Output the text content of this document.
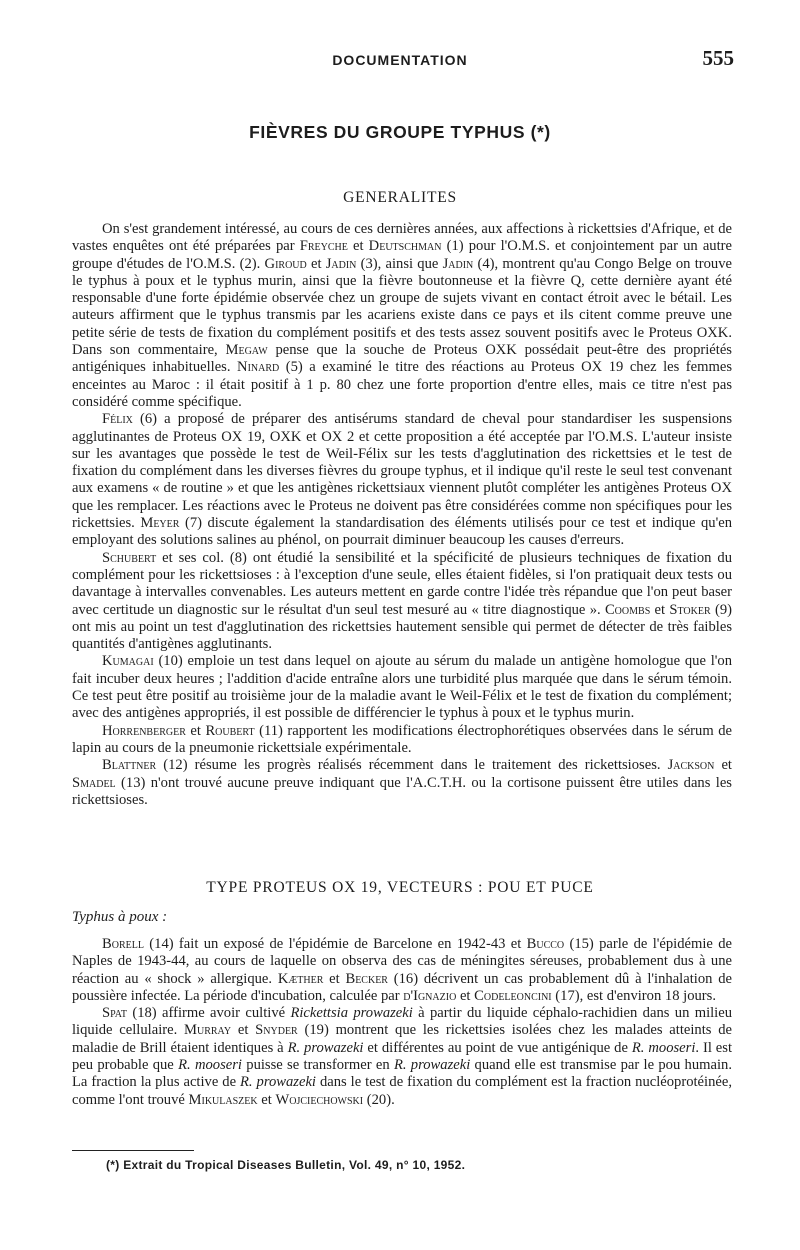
DOCUMENTATION	555
FIÈVRES DU GROUPE TYPHUS (*)
GENERALITES

On s'est grandement intéressé, au cours de ces dernières années, aux affections à rickettsies d'Afrique, et de vastes enquêtes ont été préparées par Freyche et Deutschman (1) pour l'O.M.S. et conjointement par un autre groupe d'études de l'O.M.S. (2). Giroud et Jadin (3), ainsi que Jadin (4), montrent qu'au Congo Belge on trouve le typhus à poux et le typhus murin, ainsi que la fièvre boutonneuse et la fièvre Q, cette dernière ayant été responsable d'une forte épidémie observée chez un groupe de sujets vivant en contact étroit avec le bétail. Les auteurs affirment que le typhus transmis par les acariens existe dans ce pays et ils citent comme preuve une petite série de tests de fixation du complément positifs et des tests assez souvent positifs avec le Proteus OXK. Dans son commentaire, Megaw pense que la souche de Proteus OXK possédait peut-être des propriétés antigéniques inhabituelles. Ninard (5) a examiné le titre des réactions au Proteus OX 19 chez les femmes enceintes au Maroc : il était positif à 1 p. 80 chez une forte proportion d'entre elles, mais ce titre n'est pas considéré comme spécifique.

Félix (6) a proposé de préparer des antisérums standard de cheval pour standardiser les suspensions agglutinantes de Proteus OX 19, OXK et OX 2 et cette proposition a été acceptée par l'O.M.S. L'auteur insiste sur les avantages que possède le test de Weil-Félix sur les tests d'agglutination des rickettsies et le test de fixation du complément dans les diverses fièvres du groupe typhus, et il indique qu'il reste le seul test convenant aux examens « de routine » et que les antigènes rickettsiaux viennent plutôt compléter les antigènes Proteus OX que les remplacer. Les réactions avec le Proteus ne doivent pas être considérées comme non spécifiques pour les rickettsies. Meyer (7) discute également la standardisation des éléments utilisés pour ce test et indique qu'en employant des solutions salines au phénol, on pourrait diminuer beaucoup les causes d'erreurs.

Schubert et ses col. (8) ont étudié la sensibilité et la spécificité de plusieurs techniques de fixation du complément pour les rickettsioses : à l'exception d'une seule, elles étaient fidèles, si l'on pratiquait deux tests ou davantage à intervalles convenables. Les auteurs mettent en garde contre l'idée très répandue que l'on peut baser avec certitude un diagnostic sur le résultat d'un seul test mesuré au « titre diagnostique ». Coombs et Stoker (9) ont mis au point un test d'agglutination des rickettsies hautement sensible qui permet de détecter de très faibles quantités d'antigènes agglutinants.

Kumagai (10) emploie un test dans lequel on ajoute au sérum du malade un antigène homologue que l'on fait incuber deux heures ; l'addition d'acide entraîne alors une turbidité plus marquée que dans le sérum témoin. Ce test peut être positif au troisième jour de la maladie avant le Weil-Félix et le test de fixation du complément; avec des antigènes appropriés, il est possible de différencier le typhus à poux et le typhus murin.

Horrenberger et Roubert (11) rapportent les modifications électrophorétiques observées dans le sérum de lapin au cours de la pneumonie rickettsiale expérimentale.

Blattner (12) résume les progrès réalisés récemment dans le traitement des rickettsioses. Jackson et Smadel (13) n'ont trouvé aucune preuve indiquant que l'A.C.T.H. ou la cortisone puissent être utiles dans les rickettsioses.

TYPE PROTEUS OX 19, VECTEURS : POU ET PUCE
Typhus à poux :

Borell (14) fait un exposé de l'épidémie de Barcelone en 1942-43 et Bucco (15) parle de l'épidémie de Naples de 1943-44, au cours de laquelle on observa des cas de méningites séreuses, probablement dus à une réaction au « shock » allergique. Kæther et Becker (16) décrivent un cas probablement dû à l'inhalation de poussière infectée. La période d'incubation, calculée par d'Ignazio et Codeleoncini (17), est d'environ 18 jours.

Spat (18) affirme avoir cultivé Rickettsia prowazeki à partir du liquide céphalo-rachidien dans un milieu liquide cellulaire. Murray et Snyder (19) montrent que les rickettsies isolées chez les malades atteints de maladie de Brill étaient identiques à R. prowazeki et différentes au point de vue antigénique de R. mooseri. Il est peu probable que R. mooseri puisse se transformer en R. prowazeki quand elle est transmise par le pou humain. La fraction la plus active de R. prowazeki dans le test de fixation du complément est la fraction nucléoprotéinée, comme l'ont trouvé Mikulaszek et Wojciechowski (20).

(*) Extrait du Tropical Diseases Bulletin, Vol. 49, n° 10, 1952.
